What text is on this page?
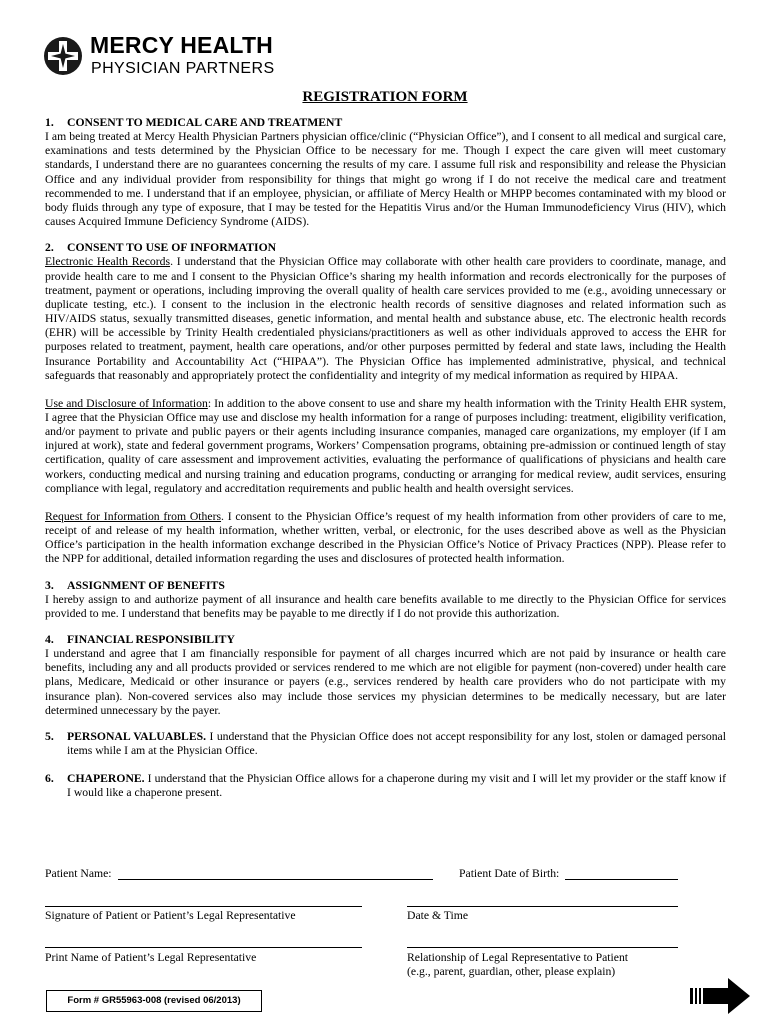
MERCY HEALTH
PHYSICIAN PARTNERS
REGISTRATION FORM

1. CONSENT TO MEDICAL CARE AND TREATMENT

I am being treated at Mercy Health Physician Partners physician office/clinic (“Physician Office”), and I consent to all medical and surgical care, examinations and tests determined by the Physician Office to be necessary for me. Though I expect the care given will meet customary standards, I understand there are no guarantees concerning the results of my care. I assume full risk and responsibility and release the Physician Office and any individual provider from responsibility for things that might go wrong if I do not receive the medical care and treatment recommended to me. I understand that if an employee, physician, or affiliate of Mercy Health or MHPP becomes contaminated with my blood or body fluids through any type of exposure, that I may be tested for the Hepatitis Virus and/or the Human Immunodeficiency Virus (HIV), which causes Acquired Immune Deficiency Syndrome (AIDS).

2. CONSENT TO USE OF INFORMATION

Electronic Health Records. I understand that the Physician Office may collaborate with other health care providers to coordinate, manage, and provide health care to me and I consent to the Physician Office’s sharing my health information and records electronically for the purposes of treatment, payment or operations, including improving the overall quality of health care services provided to me (e.g., avoiding unnecessary or duplicate testing, etc.). I consent to the inclusion in the electronic health records of sensitive diagnoses and related information such as HIV/AIDS status, sexually transmitted diseases, genetic information, and mental health and substance abuse, etc. The electronic health records (EHR) will be accessible by Trinity Health credentialed physicians/practitioners as well as other individuals approved to access the EHR for purposes related to treatment, payment, health care operations, and/or other purposes permitted by federal and state laws, including the Health Insurance Portability and Accountability Act (“HIPAA”). The Physician Office has implemented administrative, physical, and technical safeguards that reasonably and appropriately protect the confidentiality and integrity of my medical information as required by HIPAA.

Use and Disclosure of Information: In addition to the above consent to use and share my health information with the Trinity Health EHR system, I agree that the Physician Office may use and disclose my health information for a range of purposes including: treatment, eligibility verification, and/or payment to private and public payers or their agents including insurance companies, managed care organizations, my employer (if I am injured at work), state and federal government programs, Workers’ Compensation programs, obtaining pre-admission or continued length of stay certification, quality of care assessment and improvement activities, evaluating the performance of qualifications of physicians and health care workers, conducting medical and nursing training and education programs, conducting or arranging for medical review, audit services, ensuring compliance with legal, regulatory and accreditation requirements and public health and health oversight services.

Request for Information from Others. I consent to the Physician Office’s request of my health information from other providers of care to me, receipt of and release of my health information, whether written, verbal, or electronic, for the uses described above as well as the Physician Office’s participation in the health information exchange described in the Physician Office’s Notice of Privacy Practices (NPP). Please refer to the NPP for additional, detailed information regarding the uses and disclosures of protected health information.

3. ASSIGNMENT OF BENEFITS

I hereby assign to and authorize payment of all insurance and health care benefits available to me directly to the Physician Office for services provided to me. I understand that benefits may be payable to me directly if I do not provide this authorization.

4. FINANCIAL RESPONSIBILITY

I understand and agree that I am financially responsible for payment of all charges incurred which are not paid by insurance or health care benefits, including any and all products provided or services rendered to me which are not eligible for payment (non-covered) under health care plans, Medicare, Medicaid or other insurance or payers (e.g., services rendered by health care providers who do not participate with my insurance plan). Non-covered services also may include those services my physician determines to be medically necessary, but are later determined unnecessary by the payer.

5. PERSONAL VALUABLES. I understand that the Physician Office does not accept responsibility for any lost, stolen or damaged personal items while I am at the Physician Office.

6. CHAPERONE. I understand that the Physician Office allows for a chaperone during my visit and I will let my provider or the staff know if I would like a chaperone present.

Patient Name:	Patient Date of Birth:
Signature of Patient or Patient’s Legal Representative	Date & Time
Print Name of Patient’s Legal Representative	Relationship of Legal Representative to Patient
(e.g., parent, guardian, other, please explain)
Form # GR55963-008 (revised 06/2013)
